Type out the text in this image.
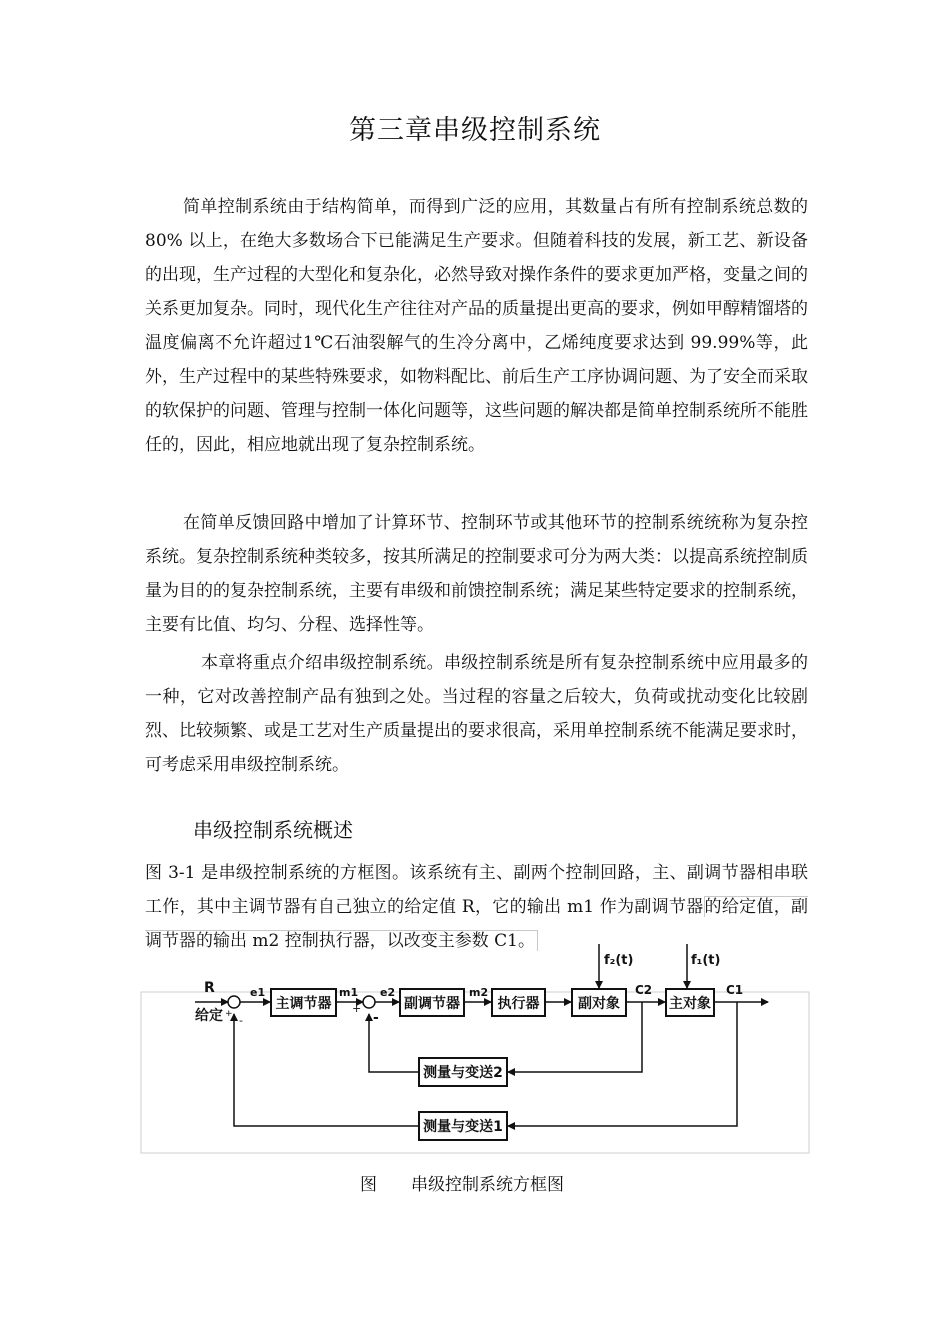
第三章串级控制系统
简单控制系统由于结构简单，而得到广泛的应用，其数量占有所有控制系统总数的 80% 以上，在绝大多数场合下已能满足生产要求。但随着科技的发展，新工艺、新设备的出现，生产过程的大型化和复杂化，必然导致对操作条件的要求更加严格，变量之间的关系更加复杂。同时，现代化生产往往对产品的质量提出更高的要求，例如甲醇精馏塔的温度偏离不允许超过1℃石油裂解气的生冷分离中，乙烯纯度要求达到 99.99%等，此外，生产过程中的某些特殊要求，如物料配比、前后生产工序协调问题、为了安全而采取的软保护的问题、管理与控制一体化问题等，这些问题的解决都是简单控制系统所不能胜任的，因此，相应地就出现了复杂控制系统。
在简单反馈回路中增加了计算环节、控制环节或其他环节的控制系统统称为复杂控系统。复杂控制系统种类较多，按其所满足的控制要求可分为两大类：以提高系统控制质量为目的的复杂控制系统，主要有串级和前馈控制系统；满足某些特定要求的控制系统，主要有比值、均匀、分程、选择性等。
本章将重点介绍串级控制系统。串级控制系统是所有复杂控制系统中应用最多的一种，它对改善控制产品有独到之处。当过程的容量之后较大，负荷或扰动变化比较剧烈、比较频繁、或是工艺对生产质量提出的要求很高，采用单控制系统不能满足要求时，可考虑采用串级控制系统。
串级控制系统概述
图 3-1 是串级控制系统的方框图。该系统有主、副两个控制回路，主、副调节器相串联工作，其中主调节器有自己独立的给定值 R，它的输出 m1 作为副调节器的给定值，副调节器的输出 m2 控制执行器，以改变主参数 C1。
主调节器	副调节器	执行器	副对象	主对象
测量与变送2
测量与变送1
R
给定 -
+
e1	m1
+
-
e2	m2	C2	C1
f₂(t)	f₁(t)
图 串级控制系统方框图
